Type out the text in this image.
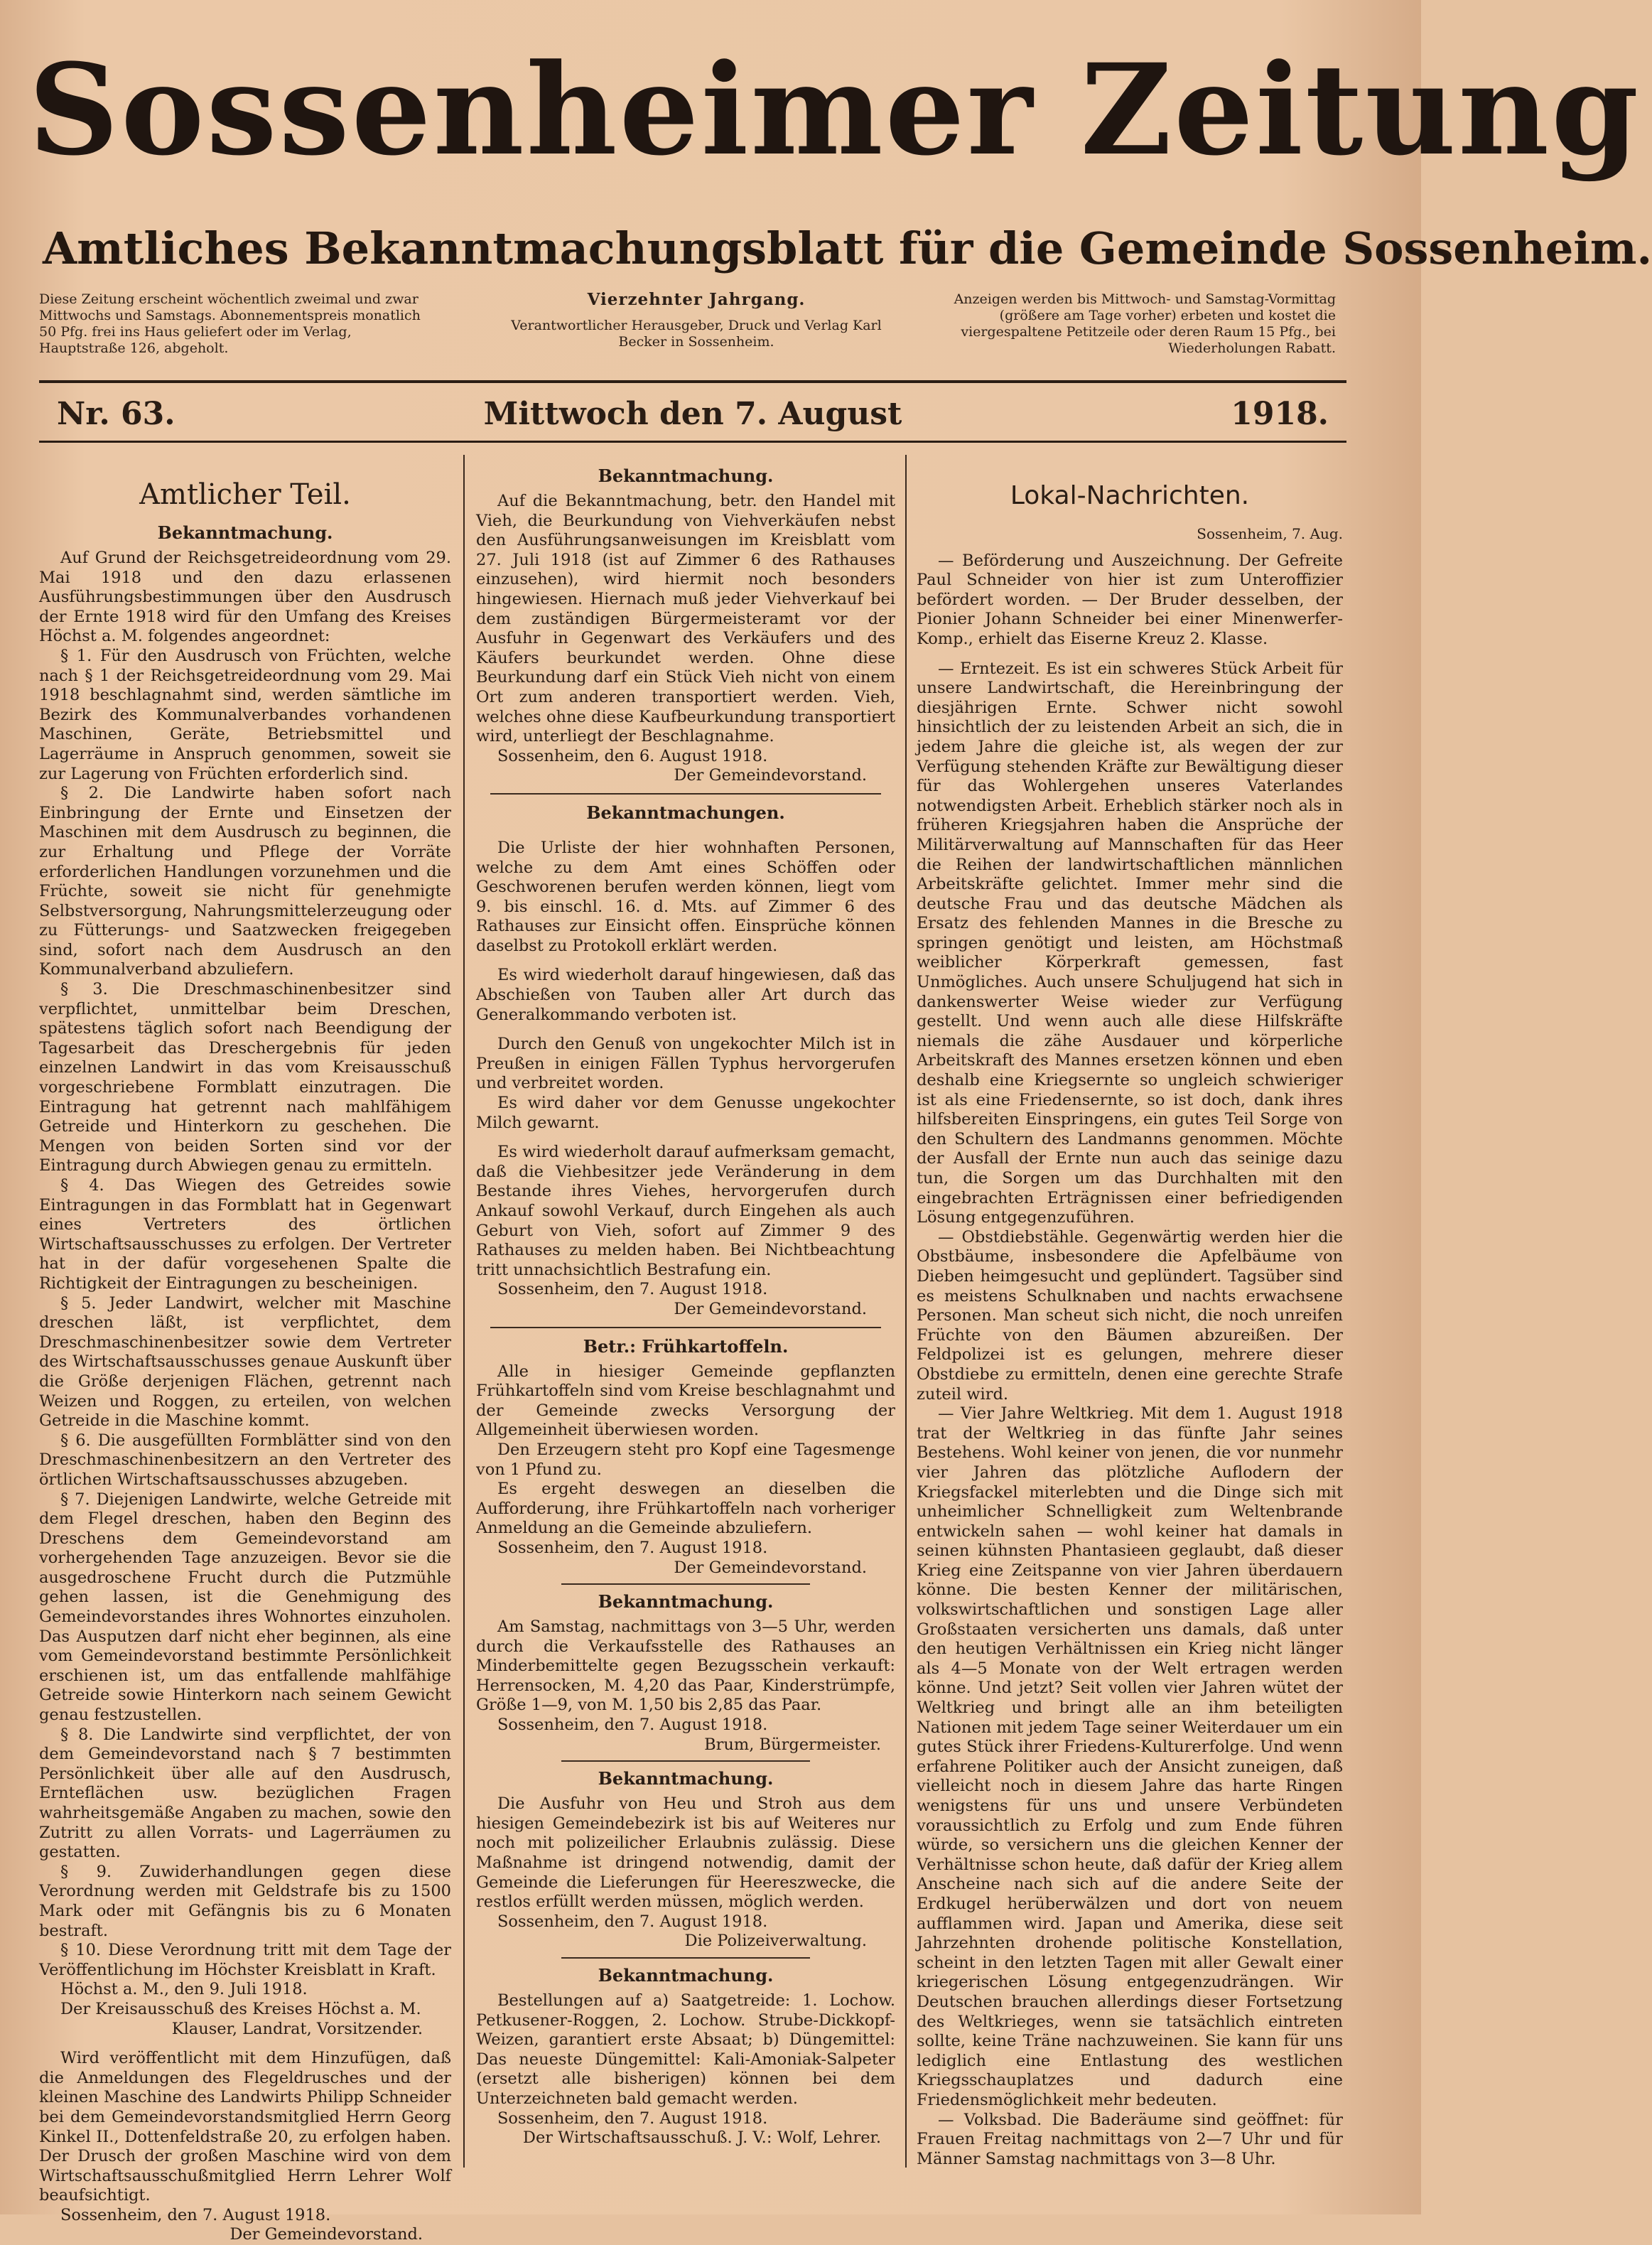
Sossenheimer Zeitung
Amtliches Bekanntmachungsblatt für die Gemeinde Sossenheim.
Diese Zeitung erscheint wöchentlich zweimal und zwar Mittwochs und Samstags. Abonnementspreis monatlich 50 Pfg. frei ins Haus geliefert oder im Verlag, Hauptstraße 126, abgeholt.
Vierzehnter Jahrgang.
Verantwortlicher Herausgeber, Druck und Verlag Karl Becker in Sossenheim.
Anzeigen werden bis Mittwoch- und Samstag-Vormittag (größere am Tage vorher) erbeten und kostet die viergespaltene Petitzeile oder deren Raum 15 Pfg., bei Wiederholungen Rabatt.
Nr. 63.	Mittwoch den 7. August	1918.
Amtlicher Teil.
Bekanntmachung.

Auf Grund der Reichsgetreideordnung vom 29. Mai 1918 und den dazu erlassenen Ausführungsbestimmungen über den Ausdrusch der Ernte 1918 wird für den Umfang des Kreises Höchst a. M. folgendes angeordnet:

§ 1. Für den Ausdrusch von Früchten, welche nach § 1 der Reichsgetreideordnung vom 29. Mai 1918 beschlagnahmt sind, werden sämtliche im Bezirk des Kommunalverbandes vorhandenen Maschinen, Geräte, Betriebsmittel und Lagerräume in Anspruch genommen, soweit sie zur Lagerung von Früchten erforderlich sind.

§ 2. Die Landwirte haben sofort nach Einbringung der Ernte und Einsetzen der Maschinen mit dem Ausdrusch zu beginnen, die zur Erhaltung und Pflege der Vorräte erforderlichen Handlungen vorzunehmen und die Früchte, soweit sie nicht für genehmigte Selbstversorgung, Nahrungsmittelerzeugung oder zu Fütterungs- und Saatzwecken freigegeben sind, sofort nach dem Ausdrusch an den Kommunalverband abzuliefern.

§ 3. Die Dreschmaschinenbesitzer sind verpflichtet, unmittelbar beim Dreschen, spätestens täglich sofort nach Beendigung der Tagesarbeit das Dreschergebnis für jeden einzelnen Landwirt in das vom Kreisausschuß vorgeschriebene Formblatt einzutragen. Die Eintragung hat getrennt nach mahlfähigem Getreide und Hinterkorn zu geschehen. Die Mengen von beiden Sorten sind vor der Eintragung durch Abwiegen genau zu ermitteln.

§ 4. Das Wiegen des Getreides sowie Eintragungen in das Formblatt hat in Gegenwart eines Vertreters des örtlichen Wirtschaftsausschusses zu erfolgen. Der Vertreter hat in der dafür vorgesehenen Spalte die Richtigkeit der Eintragungen zu bescheinigen.

§ 5. Jeder Landwirt, welcher mit Maschine dreschen läßt, ist verpflichtet, dem Dreschmaschinenbesitzer sowie dem Vertreter des Wirtschaftsausschusses genaue Auskunft über die Größe derjenigen Flächen, getrennt nach Weizen und Roggen, zu erteilen, von welchen Getreide in die Maschine kommt.

§ 6. Die ausgefüllten Formblätter sind von den Dreschmaschinenbesitzern an den Vertreter des örtlichen Wirtschaftsausschusses abzugeben.

§ 7. Diejenigen Landwirte, welche Getreide mit dem Flegel dreschen, haben den Beginn des Dreschens dem Gemeindevorstand am vorhergehenden Tage anzuzeigen. Bevor sie die ausgedroschene Frucht durch die Putzmühle gehen lassen, ist die Genehmigung des Gemeindevorstandes ihres Wohnortes einzuholen. Das Ausputzen darf nicht eher beginnen, als eine vom Gemeindevorstand bestimmte Persönlichkeit erschienen ist, um das entfallende mahlfähige Getreide sowie Hinterkorn nach seinem Gewicht genau festzustellen.

§ 8. Die Landwirte sind verpflichtet, der von dem Gemeindevorstand nach § 7 bestimmten Persönlichkeit über alle auf den Ausdrusch, Ernteflächen usw. bezüglichen Fragen wahrheitsgemäße Angaben zu machen, sowie den Zutritt zu allen Vorrats- und Lagerräumen zu gestatten.

§ 9. Zuwiderhandlungen gegen diese Verordnung werden mit Geldstrafe bis zu 1500 Mark oder mit Gefängnis bis zu 6 Monaten bestraft.

§ 10. Diese Verordnung tritt mit dem Tage der Veröffentlichung im Höchster Kreisblatt in Kraft.

Höchst a. M., den 9. Juli 1918.

Der Kreisausschuß des Kreises Höchst a. M.

Klauser, Landrat, Vorsitzender.

Wird veröffentlicht mit dem Hinzufügen, daß die Anmeldungen des Flegeldrusches und der kleinen Maschine des Landwirts Philipp Schneider bei dem Gemeindevorstandsmitglied Herrn Georg Kinkel II., Dottenfeldstraße 20, zu erfolgen haben. Der Drusch der großen Maschine wird von dem Wirtschaftsausschußmitglied Herrn Lehrer Wolf beaufsichtigt.

Sossenheim, den 7. August 1918.

Der Gemeindevorstand.

Bekanntmachung.

Auf die Bekanntmachung, betr. den Handel mit Vieh, die Beurkundung von Viehverkäufen nebst den Ausführungsanweisungen im Kreisblatt vom 27. Juli 1918 (ist auf Zimmer 6 des Rathauses einzusehen), wird hiermit noch besonders hingewiesen. Hiernach muß jeder Viehverkauf bei dem zuständigen Bürgermeisteramt vor der Ausfuhr in Gegenwart des Verkäufers und des Käufers beurkundet werden. Ohne diese Beurkundung darf ein Stück Vieh nicht von einem Ort zum anderen transportiert werden. Vieh, welches ohne diese Kaufbeurkundung transportiert wird, unterliegt der Beschlagnahme.

Sossenheim, den 6. August 1918.

Der Gemeindevorstand.

Bekanntmachungen.

Die Urliste der hier wohnhaften Personen, welche zu dem Amt eines Schöffen oder Geschworenen berufen werden können, liegt vom 9. bis einschl. 16. d. Mts. auf Zimmer 6 des Rathauses zur Einsicht offen. Einsprüche können daselbst zu Protokoll erklärt werden.

Es wird wiederholt darauf hingewiesen, daß das Abschießen von Tauben aller Art durch das Generalkommando verboten ist.

Durch den Genuß von ungekochter Milch ist in Preußen in einigen Fällen Typhus hervorgerufen und verbreitet worden.

Es wird daher vor dem Genusse ungekochter Milch gewarnt.

Es wird wiederholt darauf aufmerksam gemacht, daß die Viehbesitzer jede Veränderung in dem Bestande ihres Viehes, hervorgerufen durch Ankauf sowohl Verkauf, durch Eingehen als auch Geburt von Vieh, sofort auf Zimmer 9 des Rathauses zu melden haben. Bei Nichtbeachtung tritt unnachsichtlich Bestrafung ein.

Sossenheim, den 7. August 1918.

Der Gemeindevorstand.

Betr.: Frühkartoffeln.

Alle in hiesiger Gemeinde gepflanzten Frühkartoffeln sind vom Kreise beschlagnahmt und der Gemeinde zwecks Versorgung der Allgemeinheit überwiesen worden.

Den Erzeugern steht pro Kopf eine Tagesmenge von 1 Pfund zu.

Es ergeht deswegen an dieselben die Aufforderung, ihre Frühkartoffeln nach vorheriger Anmeldung an die Gemeinde abzuliefern.

Sossenheim, den 7. August 1918.

Der Gemeindevorstand.

Bekanntmachung.

Am Samstag, nachmittags von 3—5 Uhr, werden durch die Verkaufsstelle des Rathauses an Minderbemittelte gegen Bezugsschein verkauft: Herrensocken, M. 4,20 das Paar, Kinderstrümpfe, Größe 1—9, von M. 1,50 bis 2,85 das Paar.

Sossenheim, den 7. August 1918.

Brum, Bürgermeister.

Bekanntmachung.

Die Ausfuhr von Heu und Stroh aus dem hiesigen Gemeindebezirk ist bis auf Weiteres nur noch mit polizeilicher Erlaubnis zulässig. Diese Maßnahme ist dringend notwendig, damit der Gemeinde die Lieferungen für Heereszwecke, die restlos erfüllt werden müssen, möglich werden.

Sossenheim, den 7. August 1918.

Die Polizeiverwaltung.

Bekanntmachung.

Bestellungen auf a) Saatgetreide: 1. Lochow. Petkusener-Roggen, 2. Lochow. Strube-Dickkopf-Weizen, garantiert erste Absaat; b) Düngemittel: Das neueste Düngemittel: Kali-Amoniak-Salpeter (ersetzt alle bisherigen) können bei dem Unterzeichneten bald gemacht werden.

Sossenheim, den 7. August 1918.

Der Wirtschaftsausschuß. J. V.: Wolf, Lehrer.

Lokal-Nachrichten.
Sossenheim, 7. Aug.

— Beförderung und Auszeichnung. Der Gefreite Paul Schneider von hier ist zum Unteroffizier befördert worden. — Der Bruder desselben, der Pionier Johann Schneider bei einer Minenwerfer-Komp., erhielt das Eiserne Kreuz 2. Klasse.

— Erntezeit. Es ist ein schweres Stück Arbeit für unsere Landwirtschaft, die Hereinbringung der diesjährigen Ernte. Schwer nicht sowohl hinsichtlich der zu leistenden Arbeit an sich, die in jedem Jahre die gleiche ist, als wegen der zur Verfügung stehenden Kräfte zur Bewältigung dieser für das Wohlergehen unseres Vaterlandes notwendigsten Arbeit. Erheblich stärker noch als in früheren Kriegsjahren haben die Ansprüche der Militärverwaltung auf Mannschaften für das Heer die Reihen der landwirtschaftlichen männlichen Arbeitskräfte gelichtet. Immer mehr sind die deutsche Frau und das deutsche Mädchen als Ersatz des fehlenden Mannes in die Bresche zu springen genötigt und leisten, am Höchstmaß weiblicher Körperkraft gemessen, fast Unmögliches. Auch unsere Schuljugend hat sich in dankenswerter Weise wieder zur Verfügung gestellt. Und wenn auch alle diese Hilfskräfte niemals die zähe Ausdauer und körperliche Arbeitskraft des Mannes ersetzen können und eben deshalb eine Kriegsernte so ungleich schwieriger ist als eine Friedensernte, so ist doch, dank ihres hilfsbereiten Einspringens, ein gutes Teil Sorge von den Schultern des Landmanns genommen. Möchte der Ausfall der Ernte nun auch das seinige dazu tun, die Sorgen um das Durchhalten mit den eingebrachten Erträgnissen einer befriedigenden Lösung entgegenzuführen.

— Obstdiebstähle. Gegenwärtig werden hier die Obstbäume, insbesondere die Apfelbäume von Dieben heimgesucht und geplündert. Tagsüber sind es meistens Schulknaben und nachts erwachsene Personen. Man scheut sich nicht, die noch unreifen Früchte von den Bäumen abzureißen. Der Feldpolizei ist es gelungen, mehrere dieser Obstdiebe zu ermitteln, denen eine gerechte Strafe zuteil wird.

— Vier Jahre Weltkrieg. Mit dem 1. August 1918 trat der Weltkrieg in das fünfte Jahr seines Bestehens. Wohl keiner von jenen, die vor nunmehr vier Jahren das plötzliche Auflodern der Kriegsfackel miterlebten und die Dinge sich mit unheimlicher Schnelligkeit zum Weltenbrande entwickeln sahen — wohl keiner hat damals in seinen kühnsten Phantasieen geglaubt, daß dieser Krieg eine Zeitspanne von vier Jahren überdauern könne. Die besten Kenner der militärischen, volkswirtschaftlichen und sonstigen Lage aller Großstaaten versicherten uns damals, daß unter den heutigen Verhältnissen ein Krieg nicht länger als 4—5 Monate von der Welt ertragen werden könne. Und jetzt? Seit vollen vier Jahren wütet der Weltkrieg und bringt alle an ihm beteiligten Nationen mit jedem Tage seiner Weiterdauer um ein gutes Stück ihrer Friedens-Kulturerfolge. Und wenn erfahrene Politiker auch der Ansicht zuneigen, daß vielleicht noch in diesem Jahre das harte Ringen wenigstens für uns und unsere Verbündeten voraussichtlich zu Erfolg und zum Ende führen würde, so versichern uns die gleichen Kenner der Verhältnisse schon heute, daß dafür der Krieg allem Anscheine nach sich auf die andere Seite der Erdkugel herüberwälzen und dort von neuem aufflammen wird. Japan und Amerika, diese seit Jahrzehnten drohende politische Konstellation, scheint in den letzten Tagen mit aller Gewalt einer kriegerischen Lösung entgegenzudrängen. Wir Deutschen brauchen allerdings dieser Fortsetzung des Weltkrieges, wenn sie tatsächlich eintreten sollte, keine Träne nachzuweinen. Sie kann für uns lediglich eine Entlastung des westlichen Kriegsschauplatzes und dadurch eine Friedensmöglichkeit mehr bedeuten.

— Volksbad. Die Baderäume sind geöffnet: für Frauen Freitag nachmittags von 2—7 Uhr und für Männer Samstag nachmittags von 3—8 Uhr.
